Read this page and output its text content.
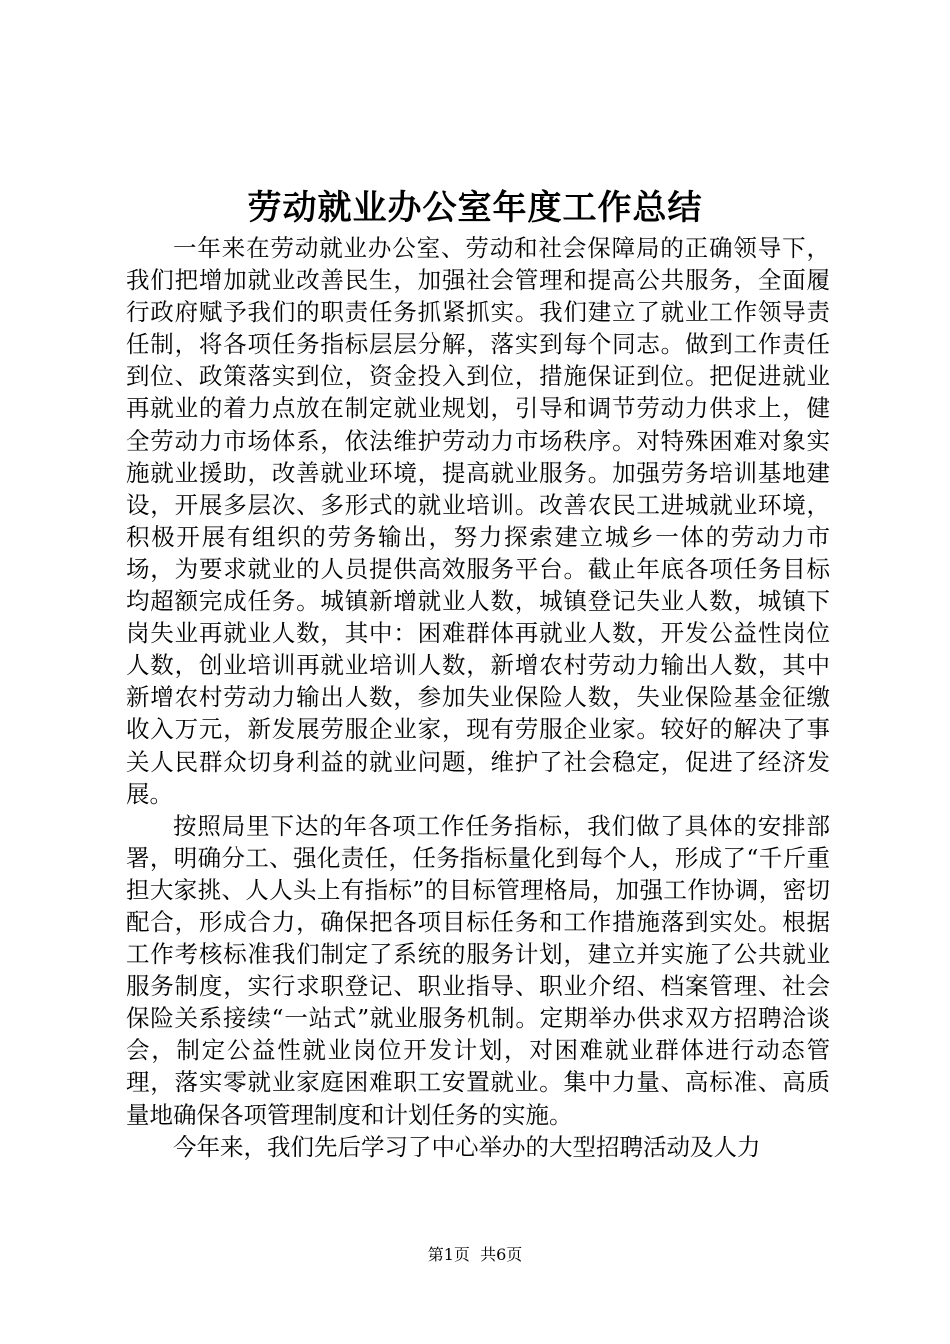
劳动就业办公室年度工作总结

一年来在劳动就业办公室、劳动和社会保障局的正确领导下，我们把增加就业改善民生，加强社会管理和提高公共服务，全面履行政府赋予我们的职责任务抓紧抓实。我们建立了就业工作领导责任制，将各项任务指标层层分解，落实到每个同志。做到工作责任到位、政策落实到位，资金投入到位，措施保证到位。把促进就业再就业的着力点放在制定就业规划，引导和调节劳动力供求上，健全劳动力市场体系，依法维护劳动力市场秩序。对特殊困难对象实施就业援助，改善就业环境，提高就业服务。加强劳务培训基地建设，开展多层次、多形式的就业培训。改善农民工进城就业环境，积极开展有组织的劳务输出，努力探索建立城乡一体的劳动力市场，为要求就业的人员提供高效服务平台。截止年底各项任务目标均超额完成任务。城镇新增就业人数，城镇登记失业人数，城镇下岗失业再就业人数，其中：困难群体再就业人数，开发公益性岗位人数，创业培训再就业培训人数，新增农村劳动力输出人数，其中新增农村劳动力输出人数，参加失业保险人数，失业保险基金征缴收入万元，新发展劳服企业家，现有劳服企业家。较好的解决了事关人民群众切身利益的就业问题，维护了社会稳定，促进了经济发展。

按照局里下达的年各项工作任务指标，我们做了具体的安排部署，明确分工、强化责任，任务指标量化到每个人，形成了“千斤重担大家挑、人人头上有指标”的目标管理格局，加强工作协调，密切配合，形成合力，确保把各项目标任务和工作措施落到实处。根据工作考核标准我们制定了系统的服务计划，建立并实施了公共就业服务制度，实行求职登记、职业指导、职业介绍、档案管理、社会保险关系接续“一站式”就业服务机制。定期举办供求双方招聘洽谈会，制定公益性就业岗位开发计划，对困难就业群体进行动态管理，落实零就业家庭困难职工安置就业。集中力量、高标准、高质量地确保各项管理制度和计划任务的实施。

今年来，我们先后学习了中心举办的大型招聘活动及人力

第1页 共6页
